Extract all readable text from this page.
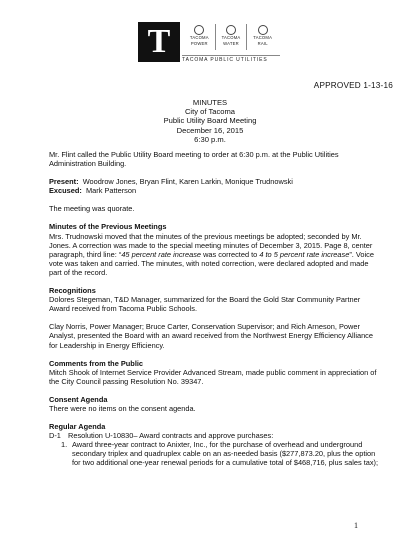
T	TACOMA
POWER
TACOMA
WATER
TACOMA
RAIL
TACOMA PUBLIC UTILITIES
APPROVED 1-13-16
MINUTES
City of Tacoma
Public Utility Board Meeting
December 16, 2015
6:30 p.m.

Mr. Flint called the Public Utility Board meeting to order at 6:30 p.m. at the Public Utilities Administration Building.

Present: Woodrow Jones, Bryan Flint, Karen Larkin, Monique Trudnowski

Excused: Mark Patterson

The meeting was quorate.

Minutes of the Previous Meetings

Mrs. Trudnowski moved that the minutes of the previous meetings be adopted; seconded by Mr. Jones. A correction was made to the special meeting minutes of December 3, 2015. Page 8, center paragraph, third line: “45 percent rate increase was corrected to 4 to 5 percent rate increase”. Voice vote was taken and carried. The minutes, with noted correction, were declared adopted and made part of the record.

Recognitions

Dolores Stegeman, T&D Manager, summarized for the Board the Gold Star Community Partner Award received from Tacoma Public Schools.

Clay Norris, Power Manager; Bruce Carter, Conservation Supervisor; and Rich Arneson, Power Analyst, presented the Board with an award received from the Northwest Energy Efficiency Alliance for Leadership in Energy Efficiency.

Comments from the Public

Mitch Shook of Internet Service Provider Advanced Stream, made public comment in appreciation of the City Council passing Resolution No. 39347.

Consent Agenda

There were no items on the consent agenda.

Regular Agenda

D-1 Resolution U-10830– Award contracts and approve purchases:
1. Award three-year contract to Anixter, Inc., for the purchase of overhead and underground secondary triplex and quadruplex cable on an as-needed basis ($277,873.20, plus the option for two additional one-year renewal periods for a cumulative total of $468,716, plus sales tax);
1
